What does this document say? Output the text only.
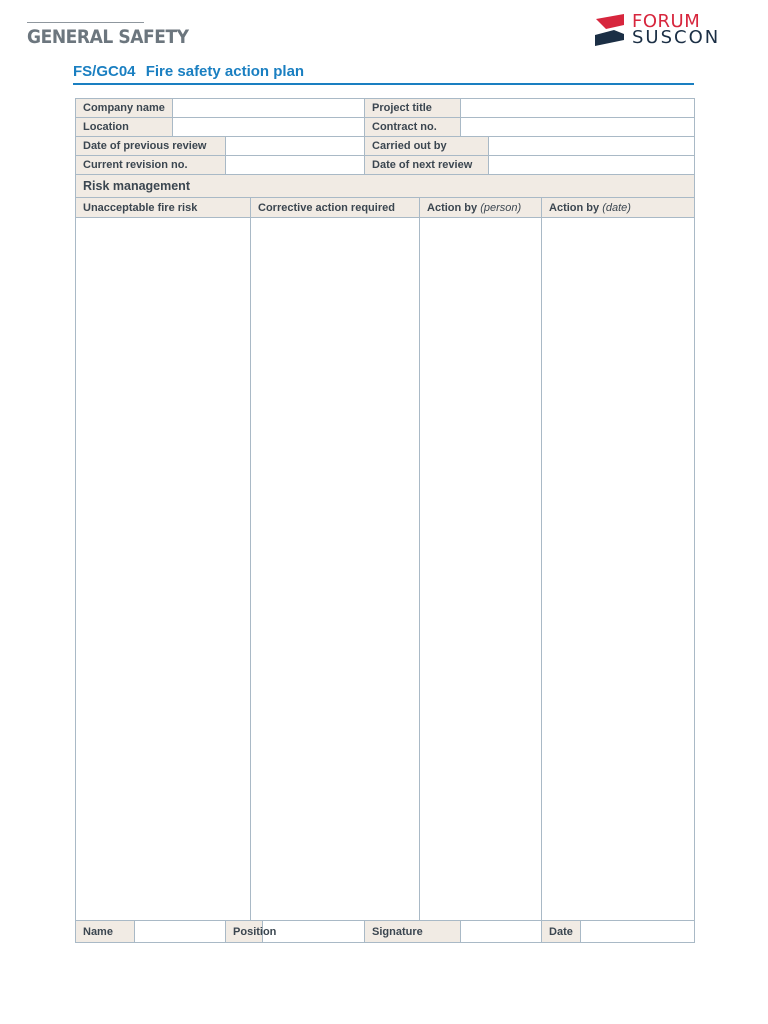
GENERAL SAFETY
FORUM
SUSCON
FS/GC04 Fire safety action plan
Company name						Project title					
Location						Contract no.					
Date of previous review						Carried out by					
Current revision no.						Date of next review					
Risk management											
Unacceptable fire risk				Corrective action required			Action by (person)			Action by (date)	

Name			Position			Signature				Date	
